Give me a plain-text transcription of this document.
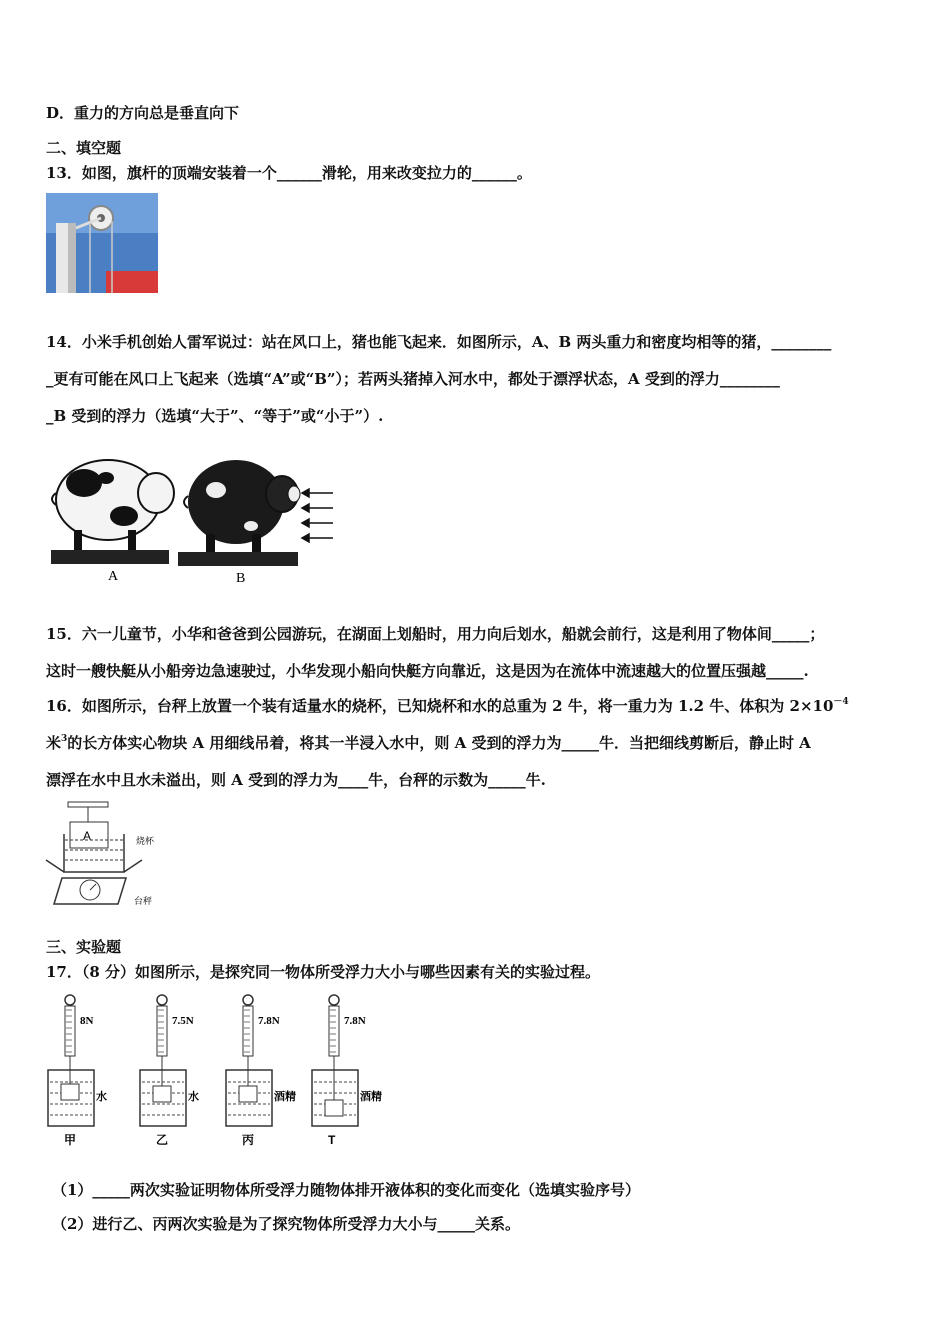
D．重力的方向总是垂直向下
二、填空题
13．如图，旗杆的顶端安装着一个______滑轮，用来改变拉力的______。
14．小米手机创始人雷军说过：站在风口上，猪也能飞起来．如图所示，A、B 两头重力和密度均相等的猪，________
_更有可能在风口上飞起来（选填“A”或“B”）；若两头猪掉入河水中，都处于漂浮状态，A 受到的浮力________
_B 受到的浮力（选填“大于”、“等于”或“小于”）.
A	B
15．六一儿童节，小华和爸爸到公园游玩，在湖面上划船时，用力向后划水，船就会前行，这是利用了物体间_____；
这时一艘快艇从小船旁边急速驶过，小华发现小船向快艇方向靠近，这是因为在流体中流速越大的位置压强越_____.
16．如图所示，台秤上放置一个装有适量水的烧杯，已知烧杯和水的总重为 2 牛，将一重力为 1.2 牛、体积为 $2\times 10^{-4}$
米$^3$的长方体实心物块 A 用细线吊着，将其一半浸入水中，则 A 受到的浮力为_____牛．当把细线剪断后，静止时 A
漂浮在水中且水未溢出，则 A 受到的浮力为____牛，台秤的示数为_____牛.
A	烧杯
台秤
三、实验题
17．（8 分）如图所示，是探究同一物体所受浮力大小与哪些因素有关的实验过程。
8N
水
甲
7.5N
水
乙
7.8N
酒精
丙
7.8N
酒精
T
（1）_____两次实验证明物体所受浮力随物体排开液体积的变化而变化（选填实验序号）
（2）进行乙、丙两次实验是为了探究物体所受浮力大小与_____关系。
